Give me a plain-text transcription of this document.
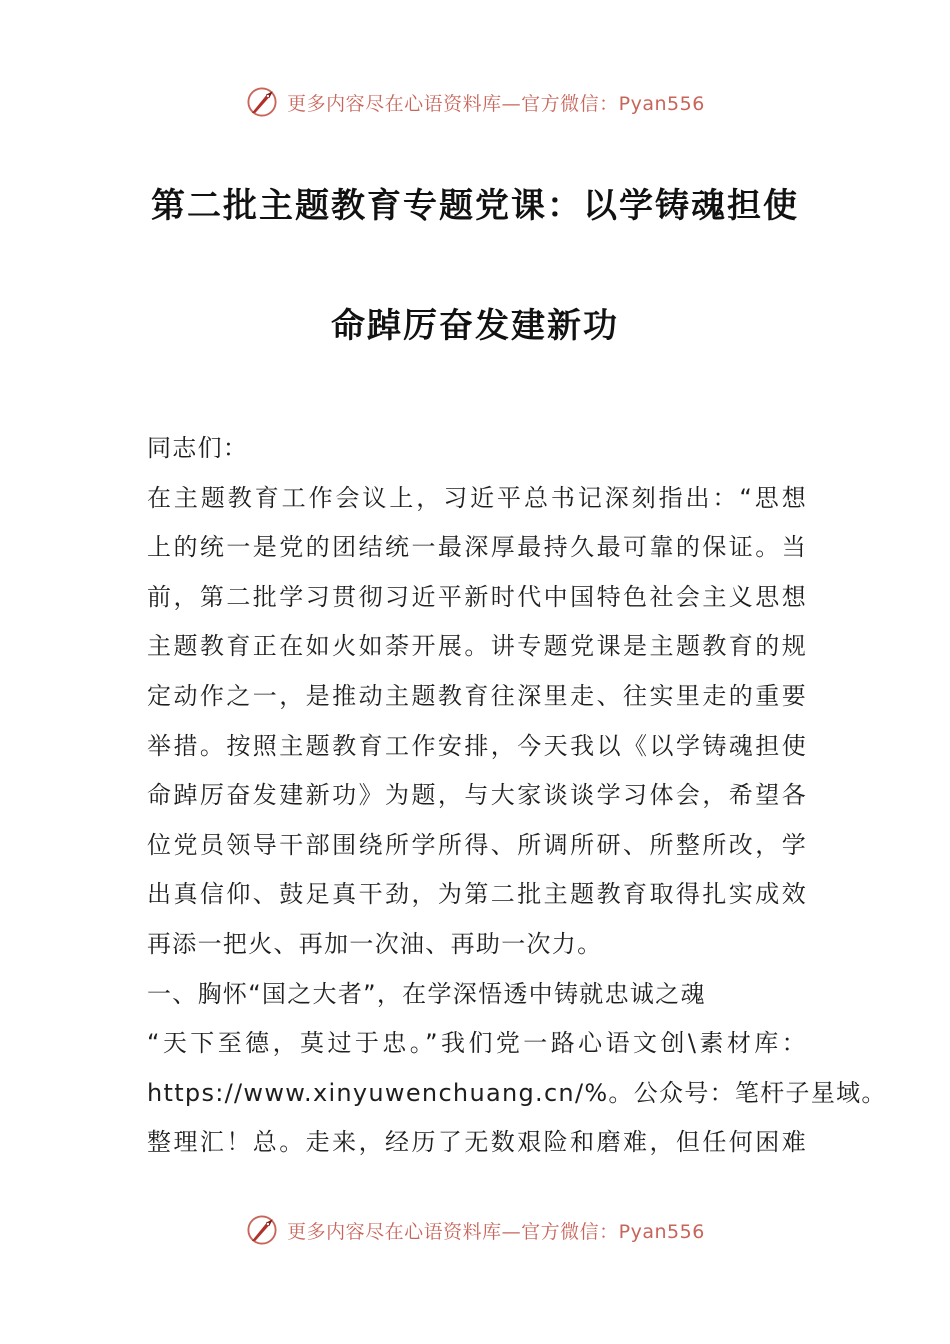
更多内容尽在心语资料库—官方微信：Pyan556
第二批主题教育专题党课：以学铸魂担使
命踔厉奋发建新功
同志们：
在主题教育工作会议上，习近平总书记深刻指出：“思想
上的统一是党的团结统一最深厚最持久最可靠的保证。当
前，第二批学习贯彻习近平新时代中国特色社会主义思想
主题教育正在如火如荼开展。讲专题党课是主题教育的规
定动作之一，是推动主题教育往深里走、往实里走的重要
举措。按照主题教育工作安排，今天我以《以学铸魂担使
命踔厉奋发建新功》为题，与大家谈谈学习体会，希望各
位党员领导干部围绕所学所得、所调所研、所整所改，学
出真信仰、鼓足真干劲，为第二批主题教育取得扎实成效
再添一把火、再加一次油、再助一次力。
一、胸怀“国之大者”，在学深悟透中铸就忠诚之魂
“天下至德，莫过于忠。”我们党一路心语文创\素材库：
https://www.xinyuwenchuang.cn/%。公众号：笔杆子星域。
整理汇！总。走来，经历了无数艰险和磨难，但任何困难
更多内容尽在心语资料库—官方微信：Pyan556
